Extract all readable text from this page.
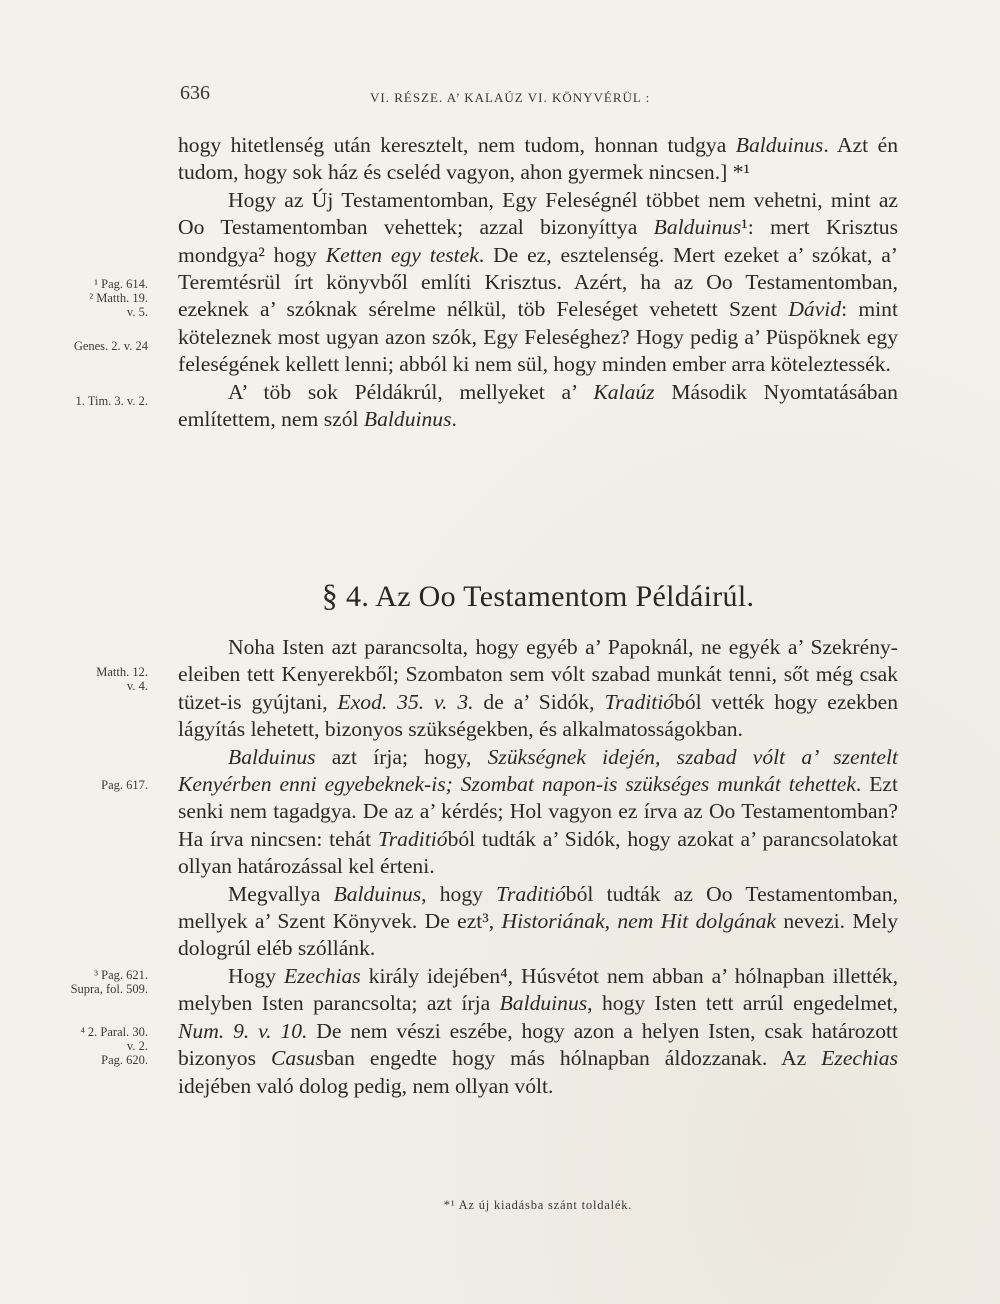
636	VI. RÉSZE. A’ KALAÚZ VI. KÖNYVÉRÜL :
¹ Pag. 614.
² Matth. 19.
v. 5.
Genes. 2. v. 24
1. Tim. 3. v. 2.
Matth. 12.
v. 4.
Pag. 617.
³ Pag. 621.
Supra, fol. 509.
⁴ 2. Paral. 30.
v. 2.
Pag. 620.

hogy hitetlenség után keresztelt, nem tudom, honnan tudgya Balduinus. Azt én tudom, hogy sok ház és cseléd vagyon, ahon gyermek nincsen.] *¹

Hogy az Új Testamentomban, Egy Feleségnél többet nem vehetni, mint az Oo Testamentomban vehettek; azzal bizonyíttya Balduinus¹: mert Krisztus mondgya² hogy Ketten egy testek. De ez, esztelenség. Mert ezeket a’ szókat, a’ Teremtésrül írt könyvből említi Krisztus. Azért, ha az Oo Testamentomban, ezeknek a’ szóknak sérelme nélkül, töb Feleséget vehetett Szent Dávid: mint köteleznek most ugyan azon szók, Egy Feleséghez? Hogy pedig a’ Püspöknek egy feleségének kellett lenni; abból ki nem sül, hogy minden ember arra köteleztessék.

A’ töb sok Példákrúl, mellyeket a’ Kalaúz Második Nyomtatásában említettem, nem szól Balduinus.

§ 4. Az Oo Testamentom Példáirúl.

Noha Isten azt parancsolta, hogy egyéb a’ Papoknál, ne egyék a’ Szekrény-eleiben tett Kenyerekből; Szombaton sem vólt szabad munkát tenni, sőt még csak tüzet-is gyújtani, Exod. 35. v. 3. de a’ Sidók, Traditióból vették hogy ezekben lágyítás lehetett, bizonyos szükségekben, és alkalmatosságokban.

Balduinus azt írja; hogy, Szükségnek idején, szabad vólt a’ szentelt Kenyérben enni egyebeknek-is; Szombat napon-is szükséges munkát tehettek. Ezt senki nem tagadgya. De az a’ kérdés; Hol vagyon ez írva az Oo Testamentomban? Ha írva nincsen: tehát Traditióból tudták a’ Sidók, hogy azokat a’ parancsolatokat ollyan határozással kel érteni.

Megvallya Balduinus, hogy Traditióból tudták az Oo Testamentomban, mellyek a’ Szent Könyvek. De ezt³, Historiának, nem Hit dolgának nevezi. Mely dologrúl eléb szóllánk.

Hogy Ezechias király idejében⁴, Húsvétot nem abban a’ hólnapban illették, melyben Isten parancsolta; azt írja Balduinus, hogy Isten tett arrúl engedelmet, Num. 9. v. 10. De nem vészi eszébe, hogy azon a helyen Isten, csak határozott bizonyos Casusban engedte hogy más hólnapban áldozzanak. Az Ezechias idejében való dolog pedig, nem ollyan vólt.

*¹ Az új kiadásba szánt toldalék.
